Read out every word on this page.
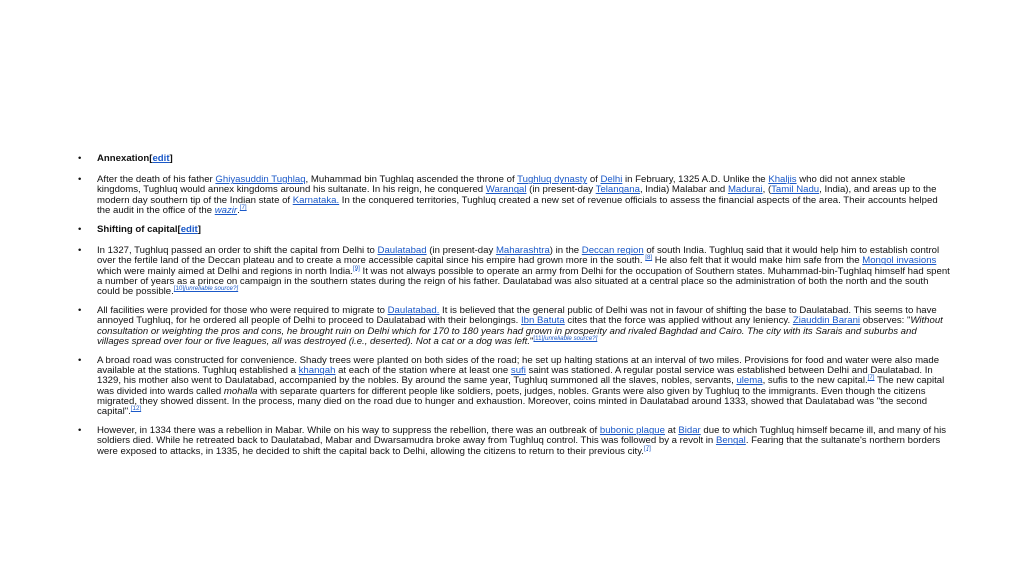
• Annexation[edit]
• After the death of his father Ghiyasuddin Tughlaq, Muhammad bin Tughlaq ascended the throne of Tughluq dynasty of Delhi in February, 1325 A.D. Unlike the Khaljis who did not annex stable kingdoms, Tughluq would annex kingdoms around his sultanate. In his reign, he conquered Warangal (in present-day Telangana, India) Malabar and Madurai, (Tamil Nadu, India), and areas up to the modern day southern tip of the Indian state of Karnataka. In the conquered territories, Tughluq created a new set of revenue officials to assess the financial aspects of the area. Their accounts helped the audit in the office of the wazir.[7]
• Shifting of capital[edit]
• In 1327, Tughluq passed an order to shift the capital from Delhi to Daulatabad (in present-day Maharashtra) in the Deccan region of south India. Tughluq said that it would help him to establish control over the fertile land of the Deccan plateau and to create a more accessible capital since his empire had grown more in the south. [8] He also felt that it would make him safe from the Mongol invasions which were mainly aimed at Delhi and regions in north India.[9] It was not always possible to operate an army from Delhi for the occupation of Southern states. Muhammad-bin-Tughlaq himself had spent a number of years as a prince on campaign in the southern states during the reign of his father. Daulatabad was also situated at a central place so the administration of both the north and the south could be possible.[10][unreliable source?]
• All facilities were provided for those who were required to migrate to Daulatabad. It is believed that the general public of Delhi was not in favour of shifting the base to Daulatabad. This seems to have annoyed Tughluq, for he ordered all people of Delhi to proceed to Daulatabad with their belongings. Ibn Batuta cites that the force was applied without any leniency. Ziauddin Barani observes: "Without consultation or weighting the pros and cons, he brought ruin on Delhi which for 170 to 180 years had grown in prosperity and rivaled Baghdad and Cairo. The city with its Sarais and suburbs and villages spread over four or five leagues, all was destroyed (i.e., deserted). Not a cat or a dog was left."[11][unreliable source?]
• A broad road was constructed for convenience. Shady trees were planted on both sides of the road; he set up halting stations at an interval of two miles. Provisions for food and water were also made available at the stations. Tughluq established a khanqah at each of the station where at least one sufi saint was stationed. A regular postal service was established between Delhi and Daulatabad. In 1329, his mother also went to Daulatabad, accompanied by the nobles. By around the same year, Tughluq summoned all the slaves, nobles, servants, ulema, sufis to the new capital.[7] The new capital was divided into wards called mohalla with separate quarters for different people like soldiers, poets, judges, nobles. Grants were also given by Tughluq to the immigrants. Even though the citizens migrated, they showed dissent. In the process, many died on the road due to hunger and exhaustion. Moreover, coins minted in Daulatabad around 1333, showed that Daulatabad was "the second capital".[12]
• However, in 1334 there was a rebellion in Mabar. While on his way to suppress the rebellion, there was an outbreak of bubonic plague at Bidar due to which Tughluq himself became ill, and many of his soldiers died. While he retreated back to Daulatabad, Mabar and Dwarsamudra broke away from Tughluq control. This was followed by a revolt in Bengal. Fearing that the sultanate's northern borders were exposed to attacks, in 1335, he decided to shift the capital back to Delhi, allowing the citizens to return to their previous city.[7]
